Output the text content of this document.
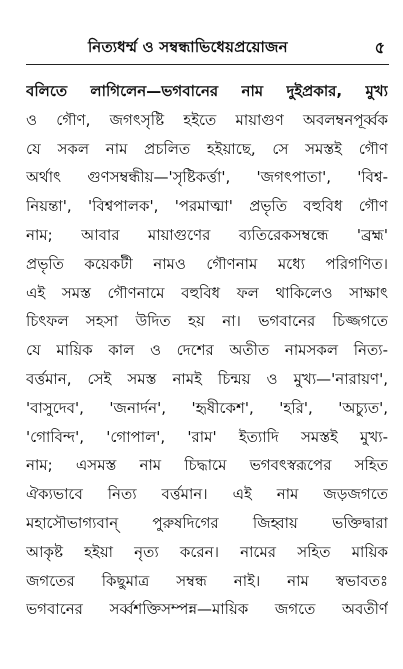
নিত্যধর্ম্ম ও সম্বন্ধাভিধেয়প্রয়োজন	৫
বলিতে লাগিলেন—ভগবানের নাম দুইপ্রকার, মুখ্য
ও গৌণ, জগৎসৃষ্টি হইতে মায়াগুণ অবলম্বনপূর্ব্বক
যে সকল নাম প্রচলিত হইয়াছে, সে সমস্তই গৌণ
অর্থাৎ গুণসম্বন্ধীয়—'সৃষ্টিকর্ত্তা', 'জগৎপাতা', 'বিশ্ব-
নিয়ন্তা', 'বিশ্বপালক', 'পরমাত্মা' প্রভৃতি বহুবিধ গৌণ
নাম; আবার মায়াগুণের ব্যতিরেকসম্বন্ধে 'ব্রহ্ম'
প্রভৃতি কয়েকটী নামও গৌণনাম মধ্যে পরিগণিত।
এই সমস্ত গৌণনামে বহুবিধ ফল থাকিলেও সাক্ষাৎ
চিৎফল সহসা উদিত হয় না। ভগবানের চিজ্জগতে
যে মায়িক কাল ও দেশের অতীত নামসকল নিত্য-
বর্ত্তমান, সেই সমস্ত নামই চিন্ময় ও মুখ্য—'নারায়ণ',
'বাসুদেব', 'জনার্দন', 'হৃষীকেশ', 'হরি', 'অচ্যুত',
'গোবিন্দ', 'গোপাল', 'রাম' ইত্যাদি সমস্তই মুখ্য-
নাম; এসমস্ত নাম চিদ্ধামে ভগবৎস্বরূপের সহিত
ঐক্যভাবে নিত্য বর্ত্তমান। এই নাম জড়জগতে
মহাসৌভাগ্যবান্ পুরুষদিগের জিহ্বায় ভক্তিদ্বারা
আকৃষ্ট হইয়া নৃত্য করেন। নামের সহিত মায়িক
জগতের কিছুমাত্র সম্বন্ধ নাই। নাম স্বভাবতঃ
ভগবানের সর্ব্বশক্তিসম্পন্ন—মায়িক জগতে অবতীর্ণ
